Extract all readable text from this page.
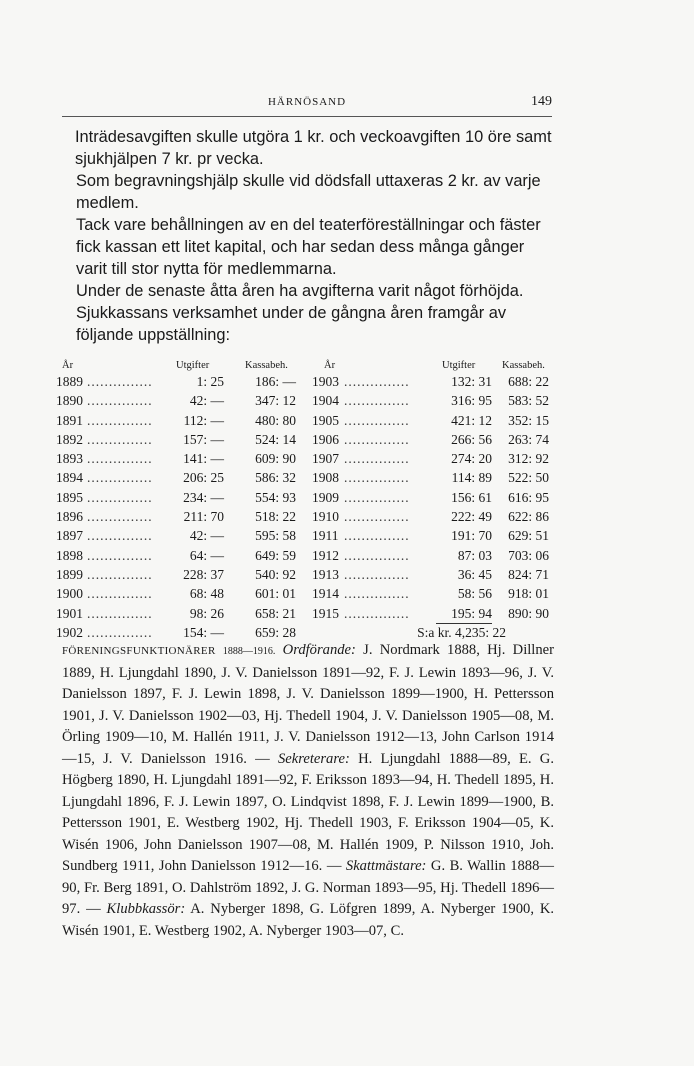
HÄRNÖSAND	149

Inträdesavgiften skulle utgöra 1 kr. och veckoavgiften 10 öre samt sjukhjälpen 7 kr. pr vecka.

Som begravningshjälp skulle vid dödsfall uttaxeras 2 kr. av varje medlem.

Tack vare behållningen av en del teaterföreställningar och fäster fick kassan ett litet kapital, och har sedan dess många gånger varit till stor nytta för medlemmarna.

Under de senaste åtta åren ha avgifterna varit något förhöjda.

Sjukkassans verksamhet under de gångna åren framgår av följande uppställning:

År	Utgifter	Kassabeh.	År	Utgifter	Kassabeh.
1889 ...............	1: 25	186: — 1903 ...............	132: 31	688: 22
1890 ...............	42: —	347: 12 1904 ...............	316: 95	583: 52
1891 ...............	112: —	480: 80 1905 ...............	421: 12	352: 15
1892 ...............	157: —	524: 14 1906 ...............	266: 56	263: 74
1893 ...............	141: —	609: 90 1907 ...............	274: 20	312: 92
1894 ...............	206: 25	586: 32 1908 ...............	114: 89	522: 50
1895 ...............	234: —	554: 93 1909 ...............	156: 61	616: 95
1896 ...............	211: 70	518: 22 1910 ...............	222: 49	622: 86
1897 ...............	42: —	595: 58 1911 ...............	191: 70	629: 51
1898 ...............	64: —	649: 59 1912 ...............	87: 03	703: 06
1899 ...............	228: 37	540: 92 1913 ...............	36: 45	824: 71
1900 ...............	68: 48	601: 01 1914 ...............	58: 56	918: 01
1901 ...............	98: 26	658: 21 1915 ...............	195: 94	890: 90
1902 ...............	154: —	659: 28	S:a kr. 4,235: 22
FÖRENINGSFUNKTIONÄRER 1888—1916. Ordförande: J. Nordmark 1888, Hj. Dillner 1889, H. Ljungdahl 1890, J. V. Danielsson 1891—92, F. J. Lewin 1893—96, J. V. Danielsson 1897, F. J. Lewin 1898, J. V. Danielsson 1899—1900, H. Pettersson 1901, J. V. Danielsson 1902—03, Hj. Thedell 1904, J. V. Danielsson 1905—08, M. Örling 1909—10, M. Hallén 1911, J. V. Danielsson 1912—13, John Carlson 1914—15, J. V. Danielsson 1916. — Sekreterare: H. Ljungdahl 1888—89, E. G. Högberg 1890, H. Ljungdahl 1891—92, F. Eriksson 1893—94, H. Thedell 1895, H. Ljungdahl 1896, F. J. Lewin 1897, O. Lindqvist 1898, F. J. Lewin 1899—1900, B. Pettersson 1901, E. Westberg 1902, Hj. Thedell 1903, F. Eriksson 1904—05, K. Wisén 1906, John Danielsson 1907—08, M. Hallén 1909, P. Nilsson 1910, Joh. Sundberg 1911, John Danielsson 1912—16. — Skattmästare: G. B. Wallin 1888—90, Fr. Berg 1891, O. Dahlström 1892, J. G. Norman 1893—95, Hj. Thedell 1896—97. — Klubbkassör: A. Nyberger 1898, G. Löfgren 1899, A. Nyberger 1900, K. Wisén 1901, E. Westberg 1902, A. Nyberger 1903—07, C.
